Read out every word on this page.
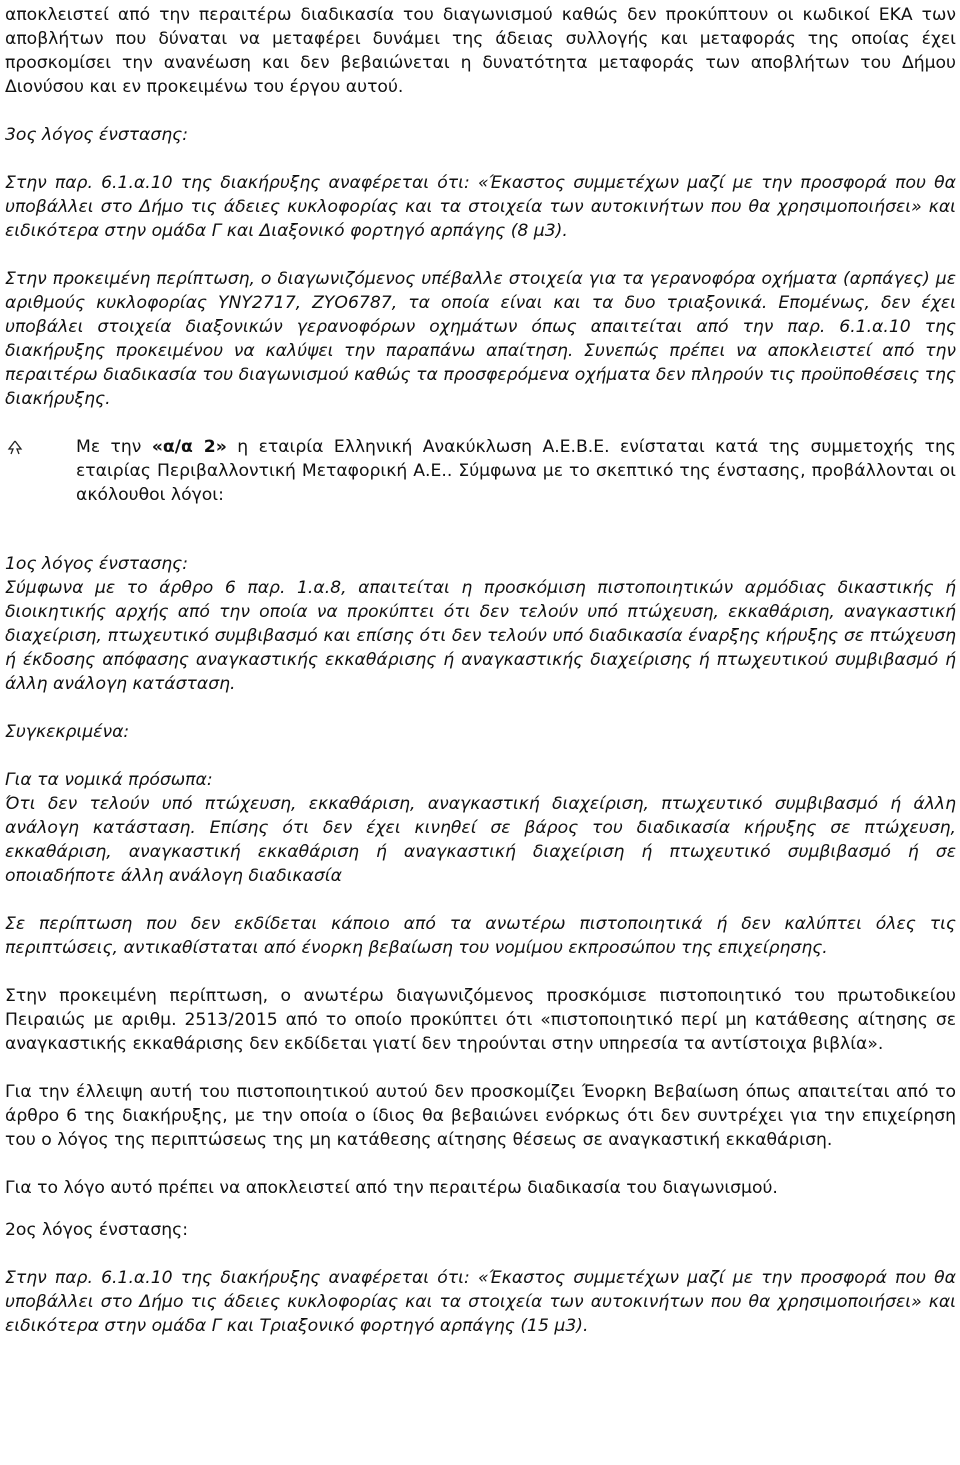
αποκλειστεί από την περαιτέρω διαδικασία του διαγωνισμού καθώς δεν προκύπτουν οι κωδικοί ΕΚΑ των αποβλήτων που δύναται να μεταφέρει δυνάμει της άδειας συλλογής και μεταφοράς της οποίας έχει προσκομίσει την ανανέωση και δεν βεβαιώνεται η δυνατότητα μεταφοράς των αποβλήτων του Δήμου Διονύσου και εν προκειμένω του έργου αυτού.

3ος λόγος ένστασης:

Στην παρ. 6.1.α.10 της διακήρυξης αναφέρεται ότι: «Έκαστος συμμετέχων μαζί με την προσφορά που θα υποβάλλει στο Δήμο τις άδειες κυκλοφορίας και τα στοιχεία των αυτοκινήτων που θα χρησιμοποιήσει» και ειδικότερα στην ομάδα Γ και Διαξονικό φορτηγό αρπάγης (8 μ3).

Στην προκειμένη περίπτωση, ο διαγωνιζόμενος υπέβαλλε στοιχεία για τα γερανοφόρα οχήματα (αρπάγες) με αριθμούς κυκλοφορίας ΥΝΥ2717, ΖΥΟ6787, τα οποία είναι και τα δυο τριαξονικά. Επομένως, δεν έχει υποβάλει στοιχεία διαξονικών γερανοφόρων οχημάτων όπως απαιτείται από την παρ. 6.1.α.10 της διακήρυξης προκειμένου να καλύψει την παραπάνω απαίτηση. Συνεπώς πρέπει να αποκλειστεί από την περαιτέρω διαδικασία του διαγωνισμού καθώς τα προσφερόμενα οχήματα δεν πληρούν τις προϋποθέσεις της διακήρυξης.

Με την «α/α 2» η εταιρία Ελληνική Ανακύκλωση Α.Ε.Β.Ε. ενίσταται κατά της συμμετοχής της εταιρίας Περιβαλλοντική Μεταφορική Α.Ε.. Σύμφωνα με το σκεπτικό της ένστασης, προβάλλονται οι ακόλουθοι λόγοι:

1ος λόγος ένστασης:

Σύμφωνα με το άρθρο 6 παρ. 1.α.8, απαιτείται η προσκόμιση πιστοποιητικών αρμόδιας δικαστικής ή διοικητικής αρχής από την οποία να προκύπτει ότι δεν τελούν υπό πτώχευση, εκκαθάριση, αναγκαστική διαχείριση, πτωχευτικό συμβιβασμό και επίσης ότι δεν τελούν υπό διαδικασία έναρξης κήρυξης σε πτώχευση ή έκδοσης απόφασης αναγκαστικής εκκαθάρισης ή αναγκαστικής διαχείρισης ή πτωχευτικού συμβιβασμό ή άλλη ανάλογη κατάσταση.

Συγκεκριμένα:

Για τα νομικά πρόσωπα:

Ότι δεν τελούν υπό πτώχευση, εκκαθάριση, αναγκαστική διαχείριση, πτωχευτικό συμβιβασμό ή άλλη ανάλογη κατάσταση. Επίσης ότι δεν έχει κινηθεί σε βάρος του διαδικασία κήρυξης σε πτώχευση, εκκαθάριση, αναγκαστική εκκαθάριση ή αναγκαστική διαχείριση ή πτωχευτικό συμβιβασμό ή σε οποιαδήποτε άλλη ανάλογη διαδικασία

Σε περίπτωση που δεν εκδίδεται κάποιο από τα ανωτέρω πιστοποιητικά ή δεν καλύπτει όλες τις περιπτώσεις, αντικαθίσταται από ένορκη βεβαίωση του νομίμου εκπροσώπου της επιχείρησης.

Στην προκειμένη περίπτωση, ο ανωτέρω διαγωνιζόμενος προσκόμισε πιστοποιητικό του πρωτοδικείου Πειραιώς με αριθμ. 2513/2015 από το οποίο προκύπτει ότι «πιστοποιητικό περί μη κατάθεσης αίτησης σε αναγκαστικής εκκαθάρισης δεν εκδίδεται γιατί δεν τηρούνται στην υπηρεσία τα αντίστοιχα βιβλία».

Για την έλλειψη αυτή του πιστοποιητικού αυτού δεν προσκομίζει Ένορκη Βεβαίωση όπως απαιτείται από το άρθρο 6 της διακήρυξης, με την οποία ο ίδιος θα βεβαιώνει ενόρκως ότι δεν συντρέχει για την επιχείρηση του ο λόγος της περιπτώσεως της μη κατάθεσης αίτησης θέσεως σε αναγκαστική εκκαθάριση.

Για το λόγο αυτό πρέπει να αποκλειστεί από την περαιτέρω διαδικασία του διαγωνισμού.

2ος λόγος ένστασης:

Στην παρ. 6.1.α.10 της διακήρυξης αναφέρεται ότι: «Έκαστος συμμετέχων μαζί με την προσφορά που θα υποβάλλει στο Δήμο τις άδειες κυκλοφορίας και τα στοιχεία των αυτοκινήτων που θα χρησιμοποιήσει» και ειδικότερα στην ομάδα Γ και Τριαξονικό φορτηγό αρπάγης (15 μ3).
